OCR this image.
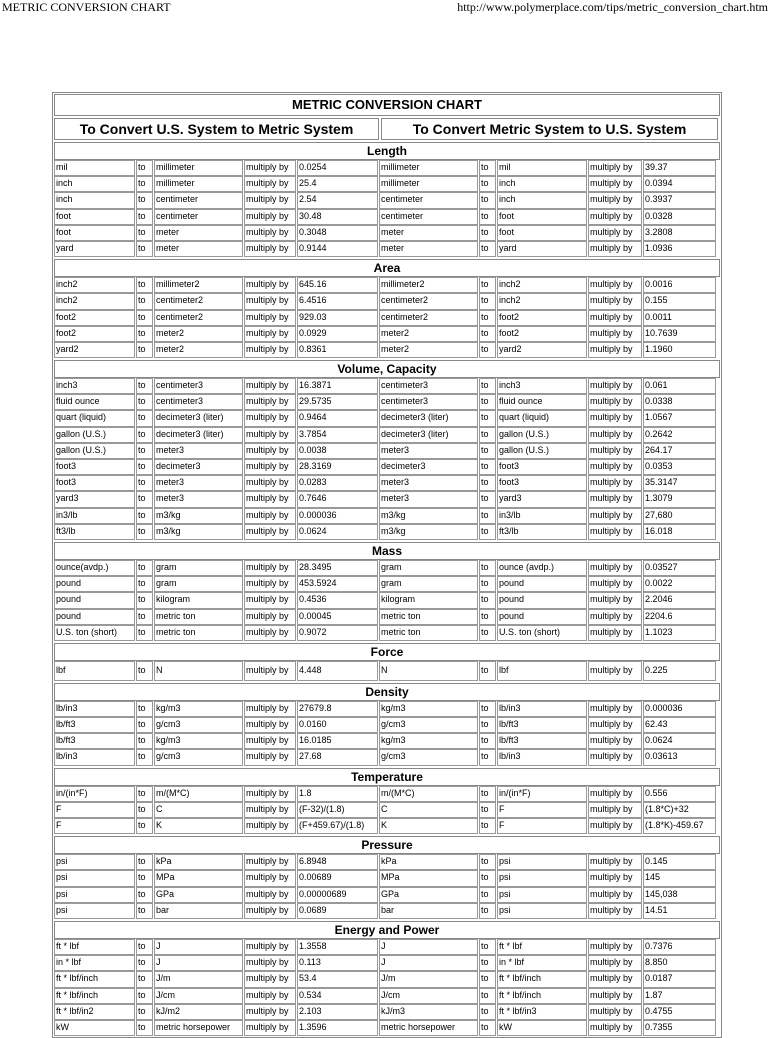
METRIC CONVERSION CHART	http://www.polymerplace.com/tips/metric_conversion_chart.htm
METRIC CONVERSION CHART
To Convert U.S. System to Metric System	To Convert Metric System to U.S. System
Length
mil	to	millimeter	multiply by	0.0254	millimeter	to	mil	multiply by	39.37
inch	to	millimeter	multiply by	25.4	millimeter	to	inch	multiply by	0.0394
inch	to	centimeter	multiply by	2.54	centimeter	to	inch	multiply by	0.3937
foot	to	centimeter	multiply by	30.48	centimeter	to	foot	multiply by	0.0328
foot	to	meter	multiply by	0.3048	meter	to	foot	multiply by	3.2808
yard	to	meter	multiply by	0.9144	meter	to	yard	multiply by	1.0936
Area
inch2	to	millimeter2	multiply by	645.16	millimeter2	to	inch2	multiply by	0.0016
inch2	to	centimeter2	multiply by	6.4516	centimeter2	to	inch2	multiply by	0.155
foot2	to	centimeter2	multiply by	929.03	centimeter2	to	foot2	multiply by	0.0011
foot2	to	meter2	multiply by	0.0929	meter2	to	foot2	multiply by	10.7639
yard2	to	meter2	multiply by	0.8361	meter2	to	yard2	multiply by	1.1960
Volume, Capacity
inch3	to	centimeter3	multiply by	16.3871	centimeter3	to	inch3	multiply by	0.061
fluid ounce	to	centimeter3	multiply by	29.5735	centimeter3	to	fluid ounce	multiply by	0.0338
quart (liquid)	to	decimeter3 (liter)	multiply by	0.9464	decimeter3 (liter)	to	quart (liquid)	multiply by	1.0567
gallon (U.S.)	to	decimeter3 (liter)	multiply by	3.7854	decimeter3 (liter)	to	gallon (U.S.)	multiply by	0.2642
gallon (U.S.)	to	meter3	multiply by	0.0038	meter3	to	gallon (U.S.)	multiply by	264.17
foot3	to	decimeter3	multiply by	28.3169	decimeter3	to	foot3	multiply by	0.0353
foot3	to	meter3	multiply by	0.0283	meter3	to	foot3	multiply by	35.3147
yard3	to	meter3	multiply by	0.7646	meter3	to	yard3	multiply by	1.3079
in3/lb	to	m3/kg	multiply by	0.000036	m3/kg	to	in3/lb	multiply by	27,680
ft3/lb	to	m3/kg	multiply by	0.0624	m3/kg	to	ft3/lb	multiply by	16.018
Mass
ounce(avdp.)	to	gram	multiply by	28.3495	gram	to	ounce (avdp.)	multiply by	0.03527
pound	to	gram	multiply by	453.5924	gram	to	pound	multiply by	0.0022
pound	to	kilogram	multiply by	0.4536	kilogram	to	pound	multiply by	2.2046
pound	to	metric ton	multiply by	0.00045	metric ton	to	pound	multiply by	2204.6
U.S. ton (short)	to	metric ton	multiply by	0.9072	metric ton	to	U.S. ton (short)	multiply by	1.1023
Force
lbf	to	N	multiply by	4.448	N	to	lbf	multiply by	0.225
Density
lb/in3	to	kg/m3	multiply by	27679.8	kg/m3	to	lb/in3	multiply by	0.000036
lb/ft3	to	g/cm3	multiply by	0.0160	g/cm3	to	lb/ft3	multiply by	62.43
lb/ft3	to	kg/m3	multiply by	16.0185	kg/m3	to	lb/ft3	multiply by	0.0624
lb/in3	to	g/cm3	multiply by	27.68	g/cm3	to	lb/in3	multiply by	0.03613
Temperature
in/(in*F)	to	m/(M*C)	multiply by	1.8	m/(M*C)	to	in/(in*F)	multiply by	0.556
F	to	C	multiply by	(F-32)/(1.8)	C	to	F	multiply by	(1.8*C)+32
F	to	K	multiply by	(F+459.67)/(1.8)	K	to	F	multiply by	(1.8*K)-459.67
Pressure
psi	to	kPa	multiply by	6.8948	kPa	to	psi	multiply by	0.145
psi	to	MPa	multiply by	0.00689	MPa	to	psi	multiply by	145
psi	to	GPa	multiply by	0.00000689	GPa	to	psi	multiply by	145,038
psi	to	bar	multiply by	0.0689	bar	to	psi	multiply by	14.51
Energy and Power
ft * lbf	to	J	multiply by	1.3558	J	to	ft * lbf	multiply by	0.7376
in * lbf	to	J	multiply by	0.113	J	to	in * lbf	multiply by	8.850
ft * lbf/inch	to	J/m	multiply by	53.4	J/m	to	ft * lbf/inch	multiply by	0.0187
ft * lbf/inch	to	J/cm	multiply by	0.534	J/cm	to	ft * lbf/inch	multiply by	1.87
ft * lbf/in2	to	kJ/m2	multiply by	2.103	kJ/m3	to	ft * lbf/in3	multiply by	0.4755
kW	to	metric horsepower	multiply by	1.3596	metric horsepower	to	kW	multiply by	0.7355
